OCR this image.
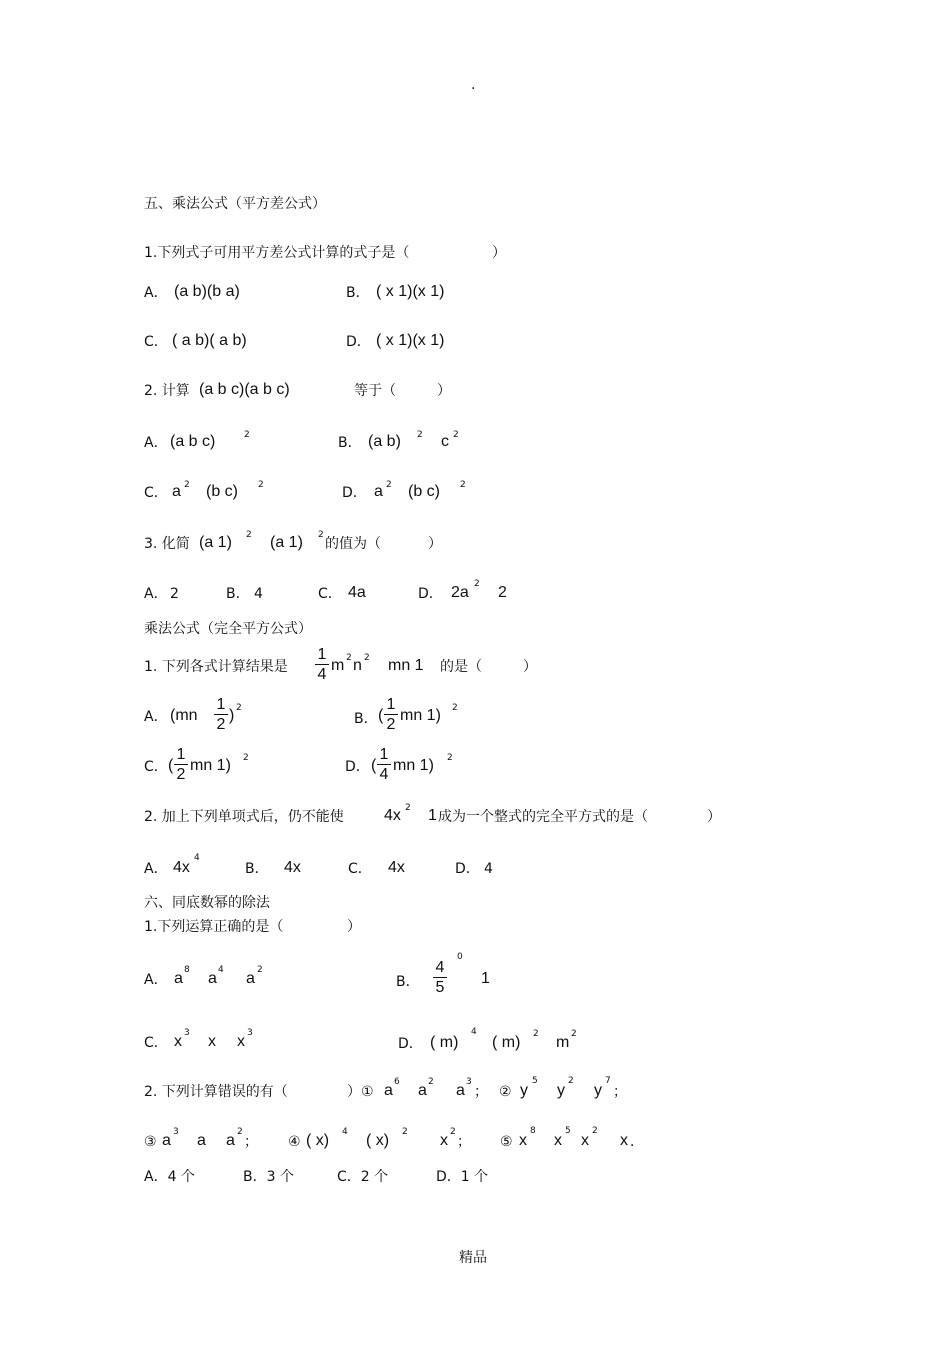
.
五、乘法公式（平方差公式）
1.下列式子可用平方差公式计算的式子是（	）
A． (a b)(b a)	B． ( x 1)(x 1)
C． ( a b)( a b)	D． ( x 1)(x 1)
2. 计算 (a b c)(a b c)	等于（	）
A． (a b c)	2	B． (a b) 2 c 2
C． a 2 (b c) 2	D． a 2 (b c) 2
3. 化简 (a 1) 2 (a 1) 2
的值为（	）
A． 2	B． 4	C． 4a	D． 2a 2 2
乘法公式（完全平方公式）
1. 下列各式计算结果是
1
4
m 2 n 2 mn 1 的是（	）
A． (mn
1
2
) 2
B． (
1
2
mn 1) 2
C． (
1
2
mn 1) 2
D． (
1
4
mn 1) 2
2. 加上下列单项式后，仍不能使	4x 2 1 成为一个整式的完全平方式的是（	）
A． 4x
4
B． 4x	C． 4x	D． 4
六、同底数幂的除法
1.下列运算正确的是（	）
A． a 8 a 4 a 2
B．
4
5
0
1
C． x 3 x x 3
D． ( m)
4
( m) 2 m 2
2. 下列计算错误的有（	） ① a 6 a 2 a 3
； ② y
5
y
2
y
7
；
③ a 3 a a 2
； ④ ( x) 4 ( x) 2 x 2
； ⑤ x
8
x
5
x
2
x ．
A．4 个	B．3 个	C．2 个	D．1 个
精品
